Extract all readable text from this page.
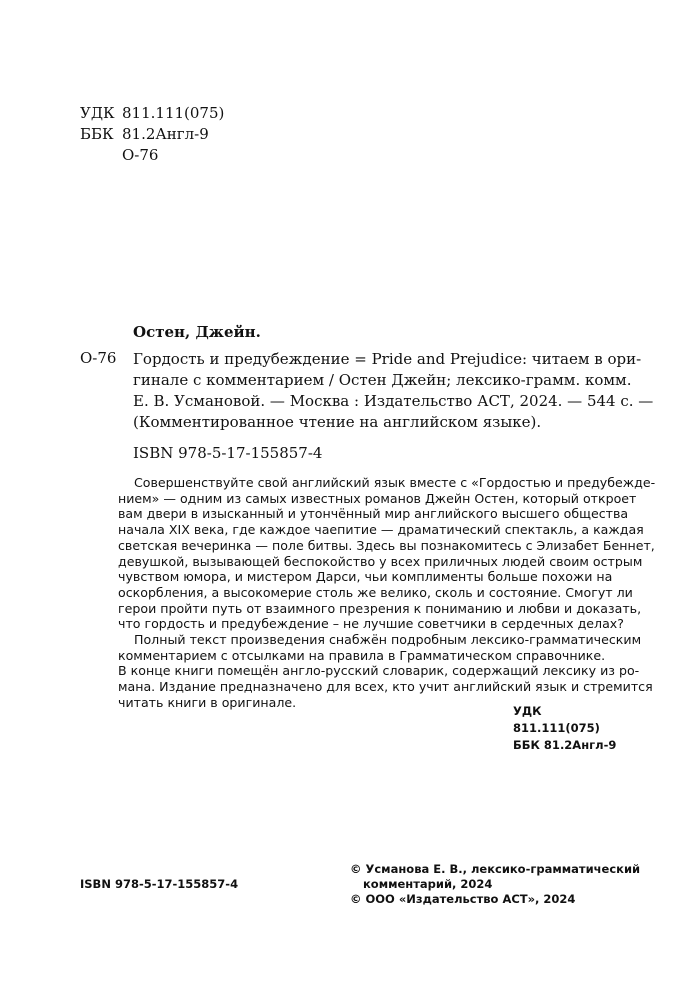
УДК 811.111(075)
ББК 81.2Англ-9
О-76
Остен, Джейн.
О-76 Гордость и предубеждение = Pride and Prejudice: читаем в ори-
гинале с комментарием / Остен Джейн; лексико-грамм. комм.
Е. В. Усмановой. — Москва : Издательство АСТ, 2024. — 544 с. —
(Комментированное чтение на английском языке).
ISBN 978-5-17-155857-4
Совершенствуйте свой английский язык вместе с «Гордостью и предубежде-
нием» — одним из самых известных романов Джейн Остен, который откроет
вам двери в изысканный и утончённый мир английского высшего общества
начала XIX века, где каждое чаепитие — драматический спектакль, а каждая
светская вечеринка — поле битвы. Здесь вы познакомитесь с Элизабет Беннет,
девушкой, вызывающей беспокойство у всех приличных людей своим острым
чувством юмора, и мистером Дарси, чьи комплименты больше похожи на
оскорбления, а высокомерие столь же велико, сколь и состояние. Смогут ли
герои пройти путь от взаимного презрения к пониманию и любви и доказать,
что гордость и предубеждение – не лучшие советчики в сердечных делах?
Полный текст произведения снабжён подробным лексико-грамматическим
комментарием с отсылками на правила в Грамматическом справочнике.
В конце книги помещён англо-русский словарик, содержащий лексику из ро-
мана. Издание предназначено для всех, кто учит английский язык и стремится
читать книги в оригинале.
УДК
811.111(075)
ББК 81.2Англ-9
© Усманова Е. В., лексико-грамматический
комментарий, 2024
© ООО «Издательство АСТ», 2024
ISBN 978-5-17-155857-4
